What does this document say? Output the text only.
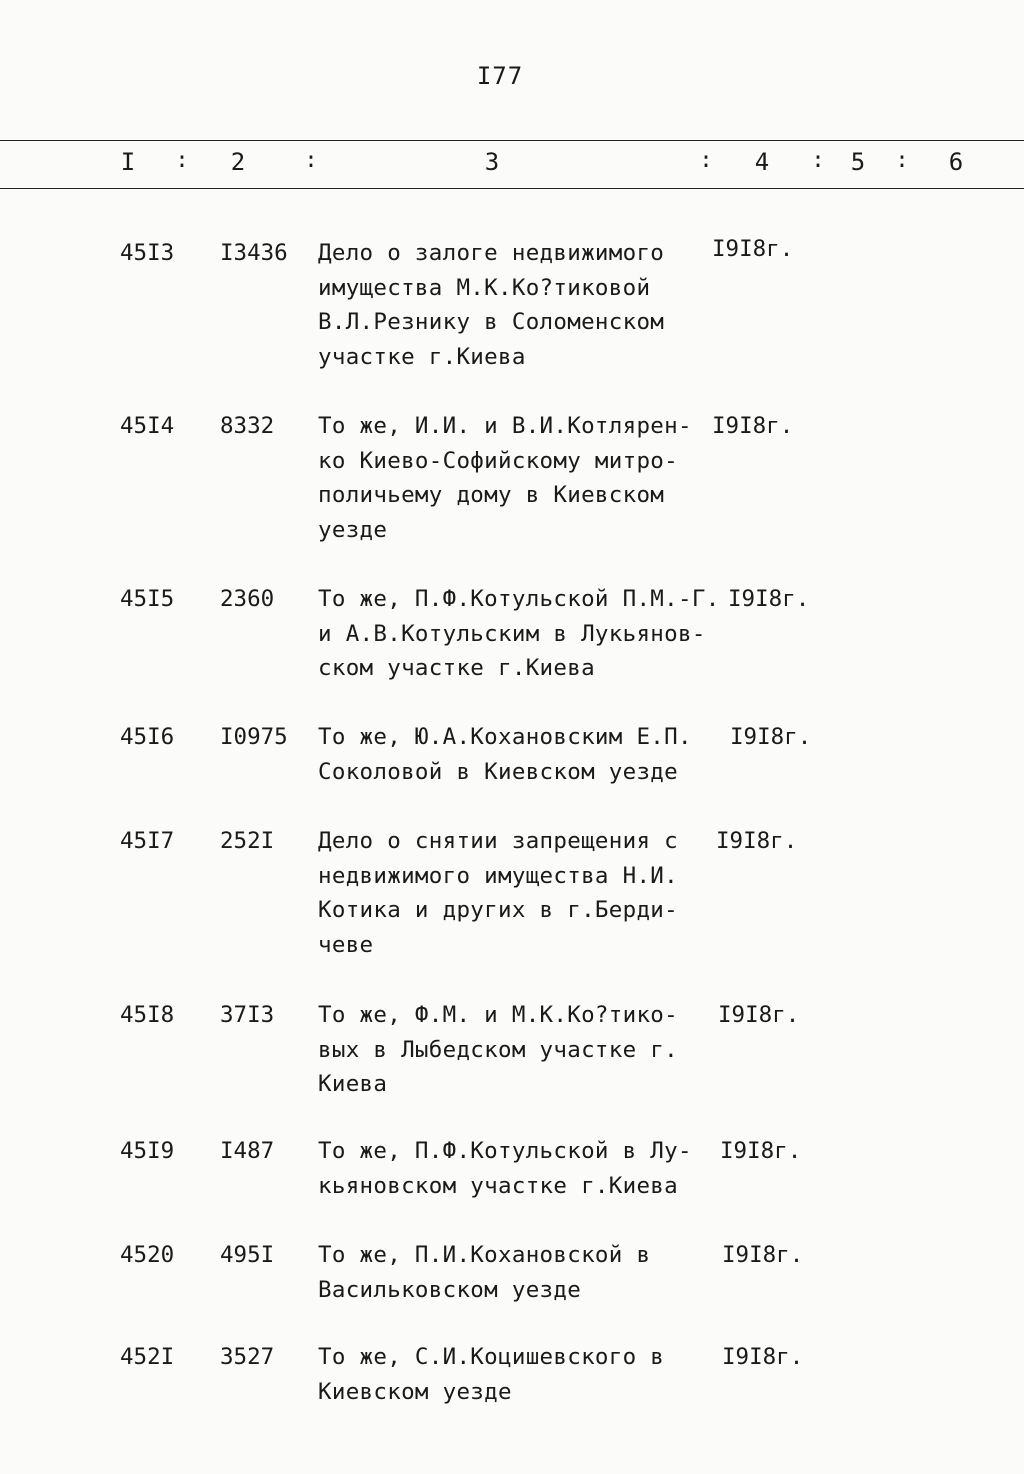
I77
I : 2	:	3	: 4 : 5 : 6
45I3	I3436	Дело о залоге недвижимого
имущества М.К.Ко?тиковой
В.Л.Резнику в Соломенском
участке г.Киева
I9I8г.
45I4	8332	То же, И.И. и В.И.Котлярен-
ко Киево-Софийскому митро-
поличьему дому в Киевском
уезде
I9I8г.
45I5	2360	То же, П.Ф.Котульской П.М.-Г.
и А.В.Котульским в Лукьянов-
ском участке г.Киева
I9I8г.
45I6	I0975	То же, Ю.А.Кохановским Е.П.
Соколовой в Киевском уезде
I9I8г.
45I7	252I	Дело о снятии запрещения с
недвижимого имущества Н.И.
Котика и других в г.Берди-
чеве
I9I8г.
45I8	37I3	То же, Ф.М. и М.К.Ко?тико-
вых в Лыбедском участке г.
Киева
I9I8г.
45I9	I487	То же, П.Ф.Котульской в Лу-
кьяновском участке г.Киева
I9I8г.
4520	495I	То же, П.И.Кохановской в
Васильковском уезде
I9I8г.
452I	3527	То же, С.И.Коцишевского в
Киевском уезде
I9I8г.
